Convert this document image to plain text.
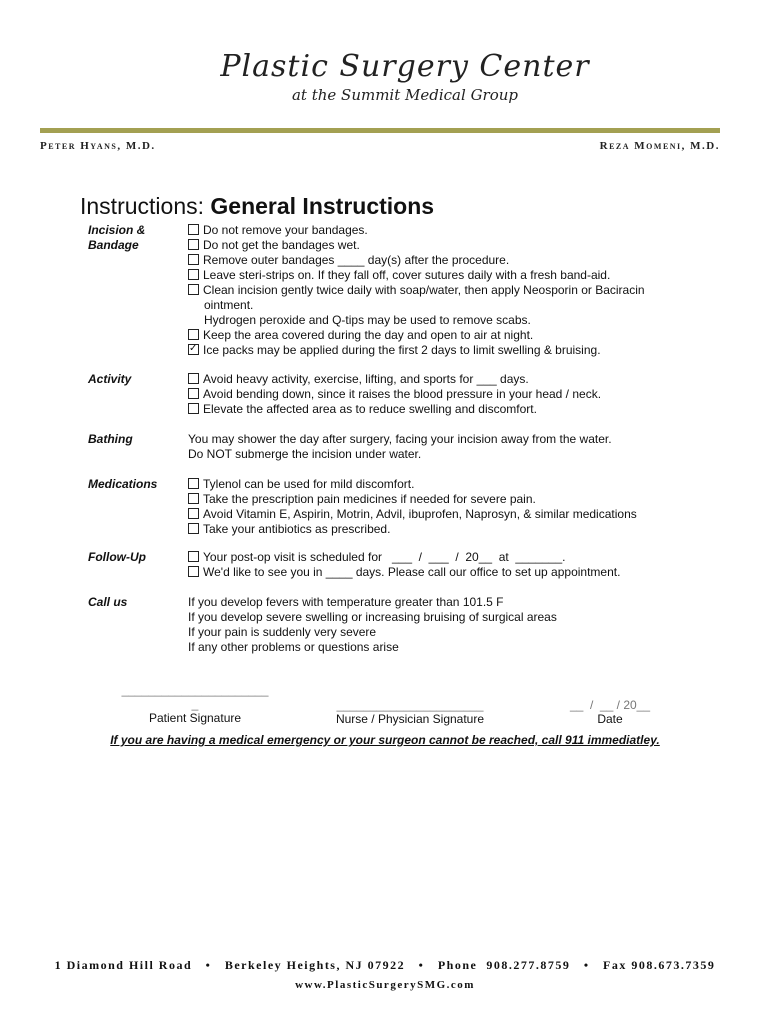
Plastic Surgery Center
at the Summit Medical Group
Peter Hyans, M.D.	Reza Momeni, M.D.
Instructions: General Instructions
Incision &
Bandage
Do not remove your bandages.
Do not get the bandages wet.
Remove outer bandages ____ day(s) after the procedure.
Leave steri-strips on. If they fall off, cover sutures daily with a fresh band-aid.
Clean incision gently twice daily with soap/water, then apply Neosporin or Baciracin
ointment.
Hydrogen peroxide and Q-tips may be used to remove scabs.
Keep the area covered during the day and open to air at night.
✓Ice packs may be applied during the first 2 days to limit swelling & bruising.
Activity	Avoid heavy activity, exercise, lifting, and sports for ___ days.
Avoid bending down, since it raises the blood pressure in your head / neck.
Elevate the affected area as to reduce swelling and discomfort.
Bathing	You may shower the day after surgery, facing your incision away from the water.
Do NOT submerge the incision under water.
Medications	Tylenol can be used for mild discomfort.
Take the prescription pain medicines if needed for severe pain.
Avoid Vitamin E, Aspirin, Motrin, Advil, ibuprofen, Naprosyn, & similar medications
Take your antibiotics as prescribed.
Follow-Up	Your post-op visit is scheduled for   ___  /  ___  /  20__  at  _______.
We'd like to see you in ____ days. Please call our office to set up appointment.
Call us	If you develop fevers with temperature greater than 101.5 F
If you develop severe swelling or increasing bruising of surgical areas
If your pain is suddenly very severe
If any other problems or questions arise
______________________
_
Patient Signature
______________________
Nurse / Physician Signature
__  /  __ / 20__
Date
If you are having a medical emergency or your surgeon cannot be reached, call 911 immediatley.
1 Diamond Hill Road   •   Berkeley Heights, NJ 07922   •   Phone  908.277.8759   •   Fax 908.673.7359
www.PlasticSurgerySMG.com
